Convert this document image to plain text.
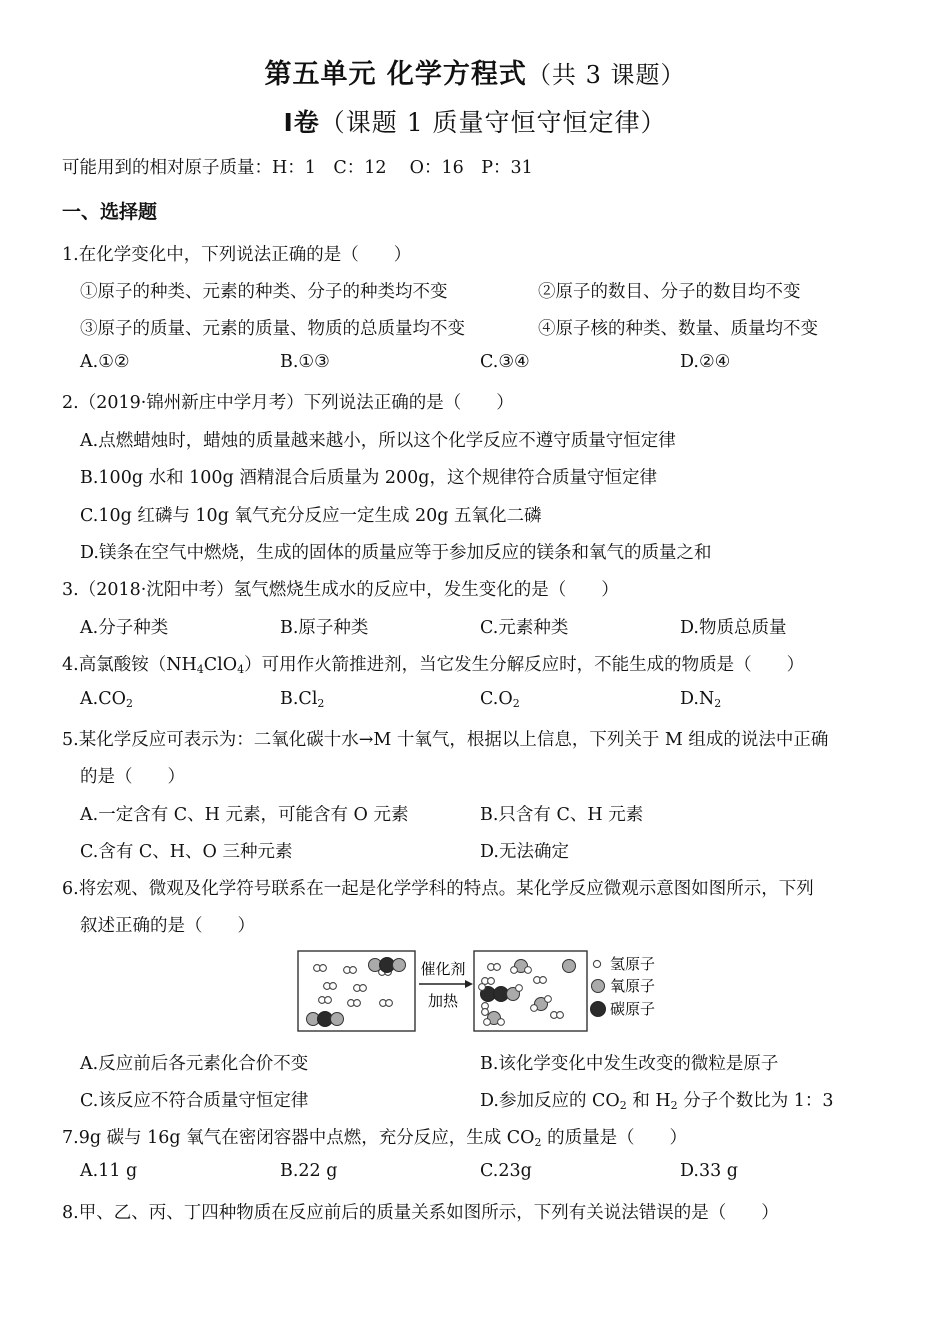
第五单元 化学方程式（共 3 课题）
Ⅰ卷（课题 1 质量守恒守恒定律）
可能用到的相对原子质量：H：1　C：12　 O：16　P：31
一、选择题
1.在化学变化中，下列说法正确的是（　　）
①原子的种类、元素的种类、分子的种类均不变	②原子的数目、分子的数目均不变
③原子的质量、元素的质量、物质的总质量均不变	④原子核的种类、数量、质量均不变
A.①②	B.①③	C.③④	D.②④
2.（2019·锦州新庄中学月考）下列说法正确的是（　　）
A.点燃蜡烛时，蜡烛的质量越来越小，所以这个化学反应不遵守质量守恒定律
B.100g 水和 100g 酒精混合后质量为 200g，这个规律符合质量守恒定律
C.10g 红磷与 10g 氧气充分反应一定生成 20g 五氧化二磷
D.镁条在空气中燃烧，生成的固体的质量应等于参加反应的镁条和氧气的质量之和
3.（2018·沈阳中考）氢气燃烧生成水的反应中，发生变化的是（　　）
A.分子种类	B.原子种类	C.元素种类	D.物质总质量
4.高氯酸铵$(NH_4ClO_4)$可用作火箭推进剂，当它发生分解反应时，不能生成的物质是（　　）
$A.CO_2$	$B.Cl_2$	$C.O_2$	$D.N_2$
5.某化学反应可表示为：二氧化碳十水→M 十氧气，根据以上信息，下列关于 M 组成的说法中正确
的是（　　）
A.一定含有 C、H 元素，可能含有 O 元素	B.只含有 C、H 元素
C.含有 C、H、O 三种元素	D.无法确定
6.将宏观、微观及化学符号联系在一起是化学学科的特点。某化学反应微观示意图如图所示，下列
叙述正确的是（　　）
催化剂
加热
氢原子
氧原子
碳原子
A.反应前后各元素化合价不变	B.该化学变化中发生改变的微粒是原子
C.该反应不符合质量守恒定律	D.参加反应的 $CO_2$ 和 $H_2$ 分子个数比为 1：3
7.9g 碳与 16g 氧气在密闭容器中点燃，充分反应，生成 $CO_2$ 的质量是（　　）
A.11 g	B.22 g	C.23g	D.33 g
8.甲、乙、丙、丁四种物质在反应前后的质量关系如图所示，下列有关说法错误的是（　　）
